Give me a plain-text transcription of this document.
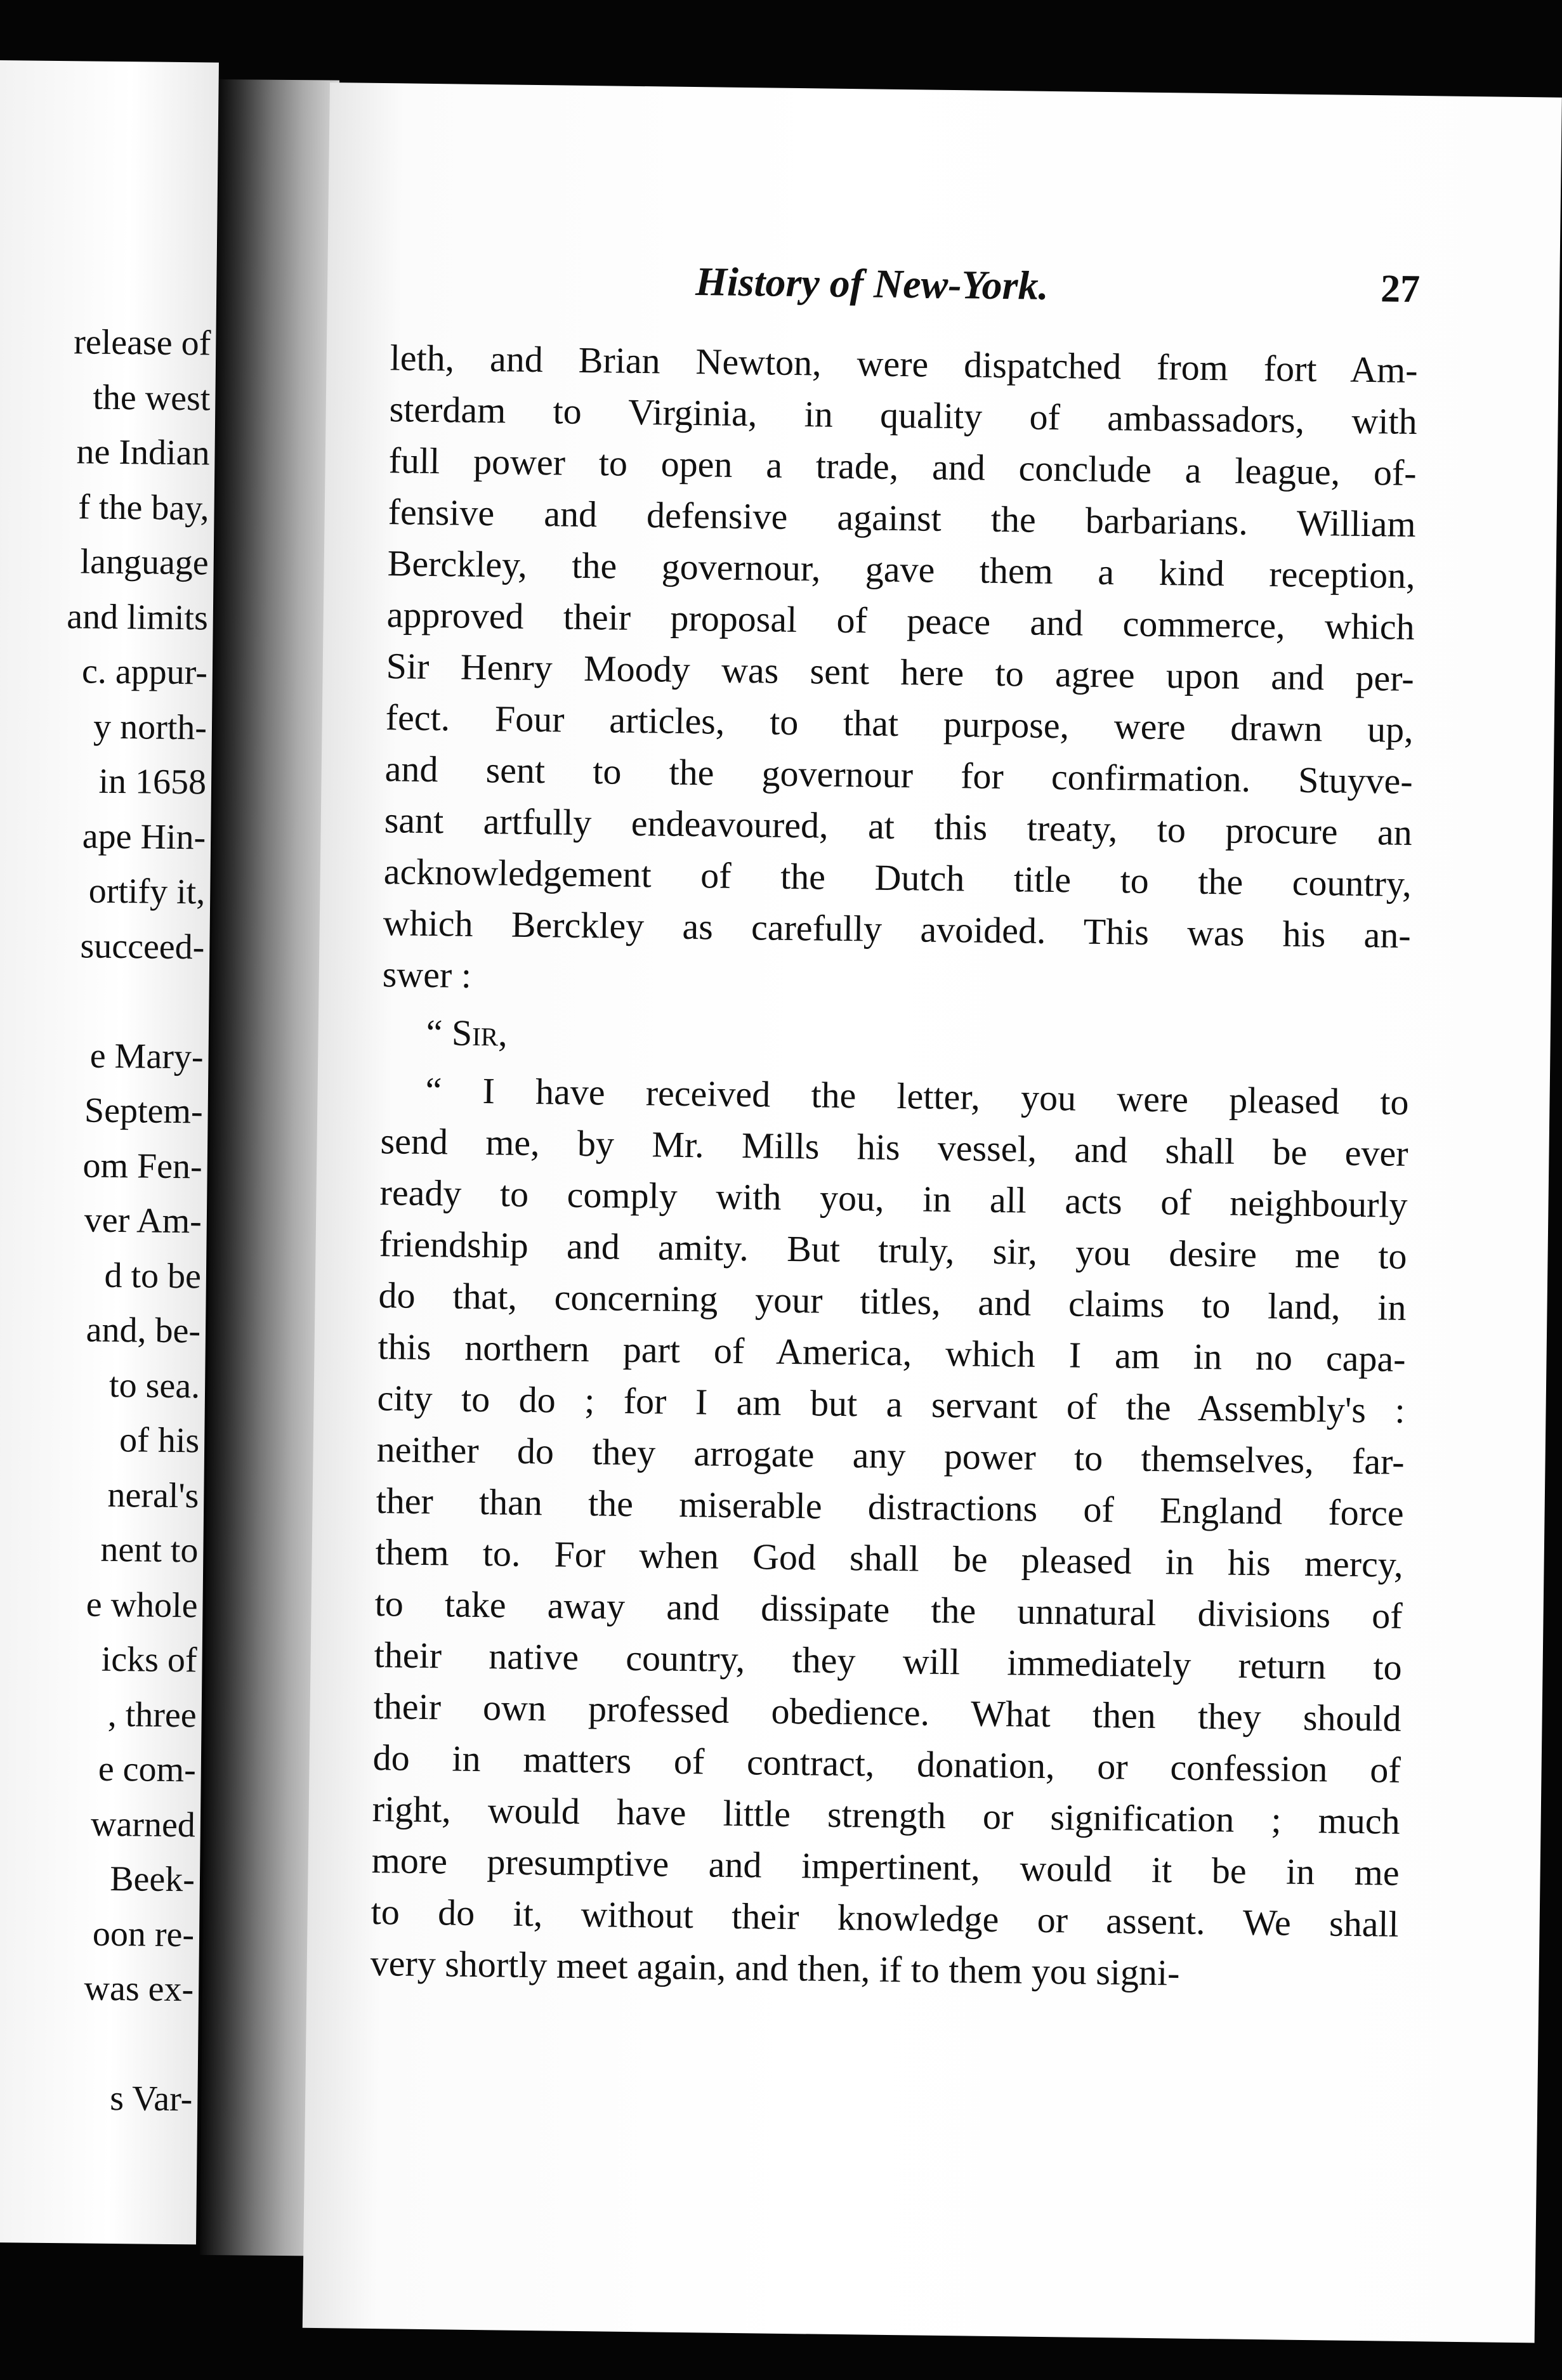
release of
the west
ne Indian
f the bay,
language
and limits
c. appur-
y north-
in 1658
ape Hin-
ortify it,
succeed-
e Mary-
Septem-
om Fen-
ver Am-
d to be
and, be-
to sea.
of his
neral's
nent to
e whole
icks of
, three
e com-
warned
Beek-
oon re-
was ex-
s Var-
History of New-York.	27
leth, and Brian Newton, were dispatched from fort Am-
sterdam to Virginia, in quality of ambassadors, with
full power to open a trade, and conclude a league, of-
fensive and defensive against the barbarians. William
Berckley, the governour, gave them a kind reception,
approved their proposal of peace and commerce, which
Sir Henry Moody was sent here to agree upon and per-
fect. Four articles, to that purpose, were drawn up,
and sent to the governour for confirmation. Stuyve-
sant artfully endeavoured, at this treaty, to procure an
acknowledgement of the Dutch title to the country,
which Berckley as carefully avoided. This was his an-
swer :
“ Sir,
“ I have received the letter, you were pleased to
send me, by Mr. Mills his vessel, and shall be ever
ready to comply with you, in all acts of neighbourly
friendship and amity. But truly, sir, you desire me to
do that, concerning your titles, and claims to land, in
this northern part of America, which I am in no capa-
city to do ; for I am but a servant of the Assembly's :
neither do they arrogate any power to themselves, far-
ther than the miserable distractions of England force
them to. For when God shall be pleased in his mercy,
to take away and dissipate the unnatural divisions of
their native country, they will immediately return to
their own professed obedience. What then they should
do in matters of contract, donation, or confession of
right, would have little strength or signification ; much
more presumptive and impertinent, would it be in me
to do it, without their knowledge or assent. We shall
very shortly meet again, and then, if to them you signi-
